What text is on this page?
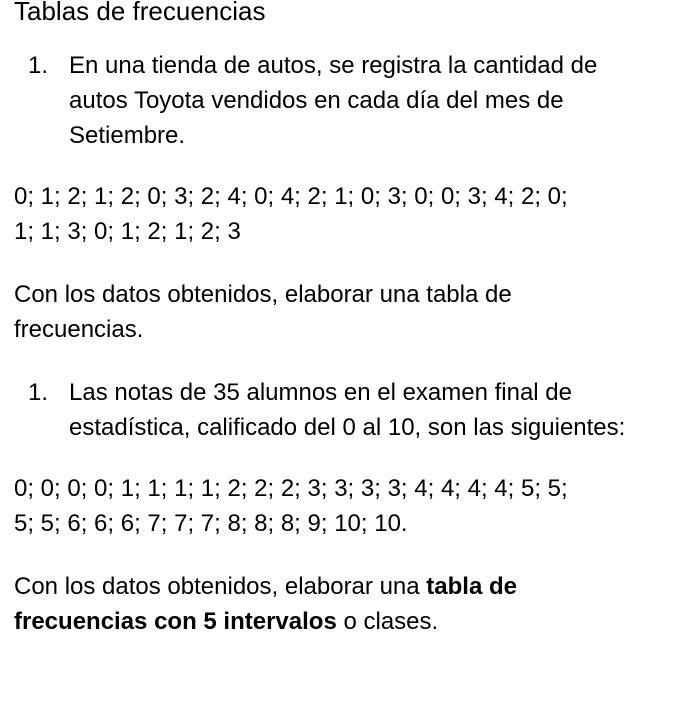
Tablas de frecuencias
1. En una tienda de autos, se registra la cantidad de autos Toyota vendidos en cada día del mes de Setiembre.
0; 1; 2; 1; 2; 0; 3; 2; 4; 0; 4; 2; 1; 0; 3; 0; 0; 3; 4; 2; 0;
1; 1; 3; 0; 1; 2; 1; 2; 3
Con los datos obtenidos, elaborar una tabla de
frecuencias.
1. Las notas de 35 alumnos en el examen final de estadística, calificado del 0 al 10, son las siguientes:
0; 0; 0; 0; 1; 1; 1; 1; 2; 2; 2; 3; 3; 3; 3; 4; 4; 4; 4; 5; 5;
5; 5; 6; 6; 6; 7; 7; 7; 8; 8; 8; 9; 10; 10.
Con los datos obtenidos, elaborar una tabla de
frecuencias con 5 intervalos o clases.
